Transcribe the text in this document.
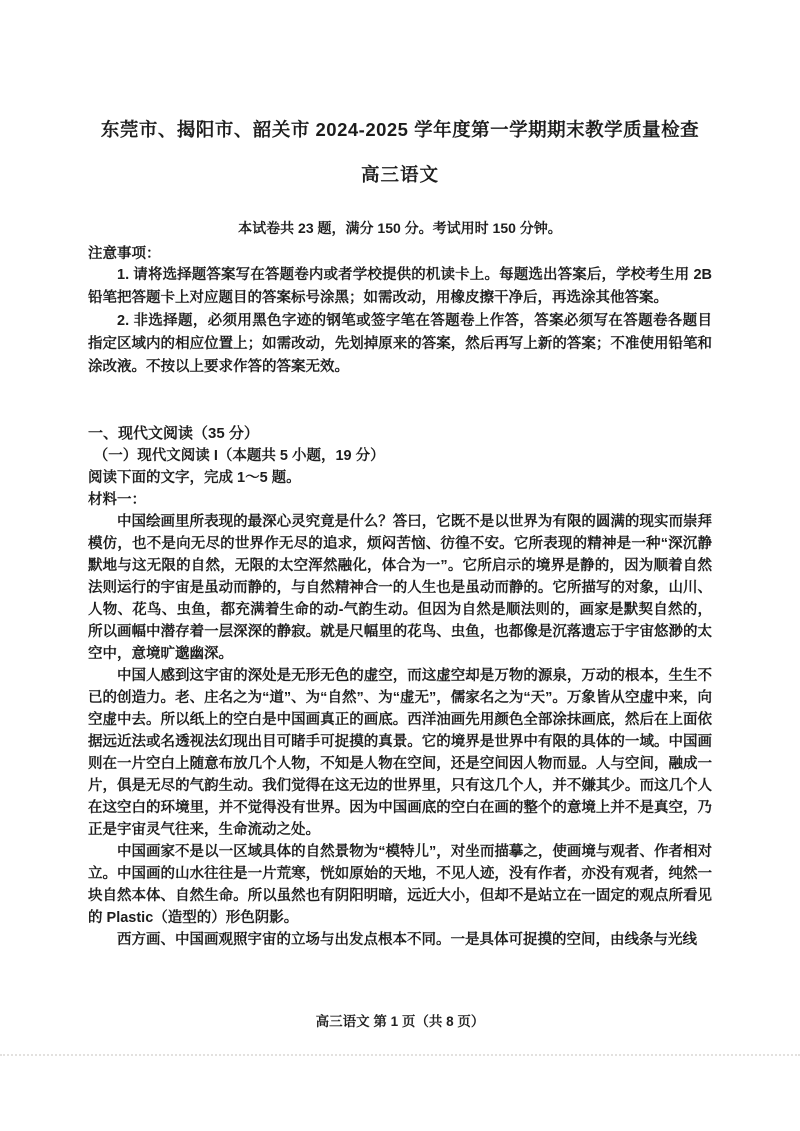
东莞市、揭阳市、韶关市 2024-2025 学年度第一学期期末教学质量检查
高三语文
本试卷共 23 题，满分 150 分。考试用时 150 分钟。
注意事项：

1. 请将选择题答案写在答题卷内或者学校提供的机读卡上。每题选出答案后，学校考生用 2B 铅笔把答题卡上对应题目的答案标号涂黑；如需改动，用橡皮擦干净后，再选涂其他答案。

2. 非选择题，必须用黑色字迹的钢笔或签字笔在答题卷上作答，答案必须写在答题卷各题目指定区域内的相应位置上；如需改动，先划掉原来的答案，然后再写上新的答案；不准使用铅笔和涂改液。不按以上要求作答的答案无效。

一、现代文阅读（35 分）
（一）现代文阅读 I（本题共 5 小题，19 分）
阅读下面的文字，完成 1～5 题。
材料一：

中国绘画里所表现的最深心灵究竟是什么？答曰，它既不是以世界为有限的圆满的现实而崇拜模仿，也不是向无尽的世界作无尽的追求，烦闷苦恼、彷徨不安。它所表现的精神是一种“深沉静默地与这无限的自然，无限的太空浑然融化，体合为一”。它所启示的境界是静的，因为顺着自然法则运行的宇宙是虽动而静的，与自然精神合一的人生也是虽动而静的。它所描写的对象，山川、人物、花鸟、虫鱼，都充满着生命的动-气韵生动。但因为自然是顺法则的，画家是默契自然的，所以画幅中潜存着一层深深的静寂。就是尺幅里的花鸟、虫鱼，也都像是沉落遗忘于宇宙悠渺的太空中，意境旷邈幽深。

中国人感到这宇宙的深处是无形无色的虚空，而这虚空却是万物的源泉，万动的根本，生生不已的创造力。老、庄名之为“道”、为“自然”、为“虚无”，儒家名之为“天”。万象皆从空虚中来，向空虚中去。所以纸上的空白是中国画真正的画底。西洋油画先用颜色全部涂抹画底，然后在上面依据远近法或名透视法幻现出目可睹手可捉摸的真景。它的境界是世界中有限的具体的一域。中国画则在一片空白上随意布放几个人物，不知是人物在空间，还是空间因人物而显。人与空间，融成一片，俱是无尽的气韵生动。我们觉得在这无边的世界里，只有这几个人，并不嫌其少。而这几个人在这空白的环境里，并不觉得没有世界。因为中国画底的空白在画的整个的意境上并不是真空，乃正是宇宙灵气往来，生命流动之处。

中国画家不是以一区域具体的自然景物为“模特儿”，对坐而描摹之，使画境与观者、作者相对立。中国画的山水往往是一片荒寒，恍如原始的天地，不见人迹，没有作者，亦没有观者，纯然一块自然本体、自然生命。所以虽然也有阴阳明暗，远近大小，但却不是站立在一固定的观点所看见的 Plastic（造型的）形色阴影。

西方画、中国画观照宇宙的立场与出发点根本不同。一是具体可捉摸的空间，由线条与光线

高三语文 第 1 页（共 8 页）
